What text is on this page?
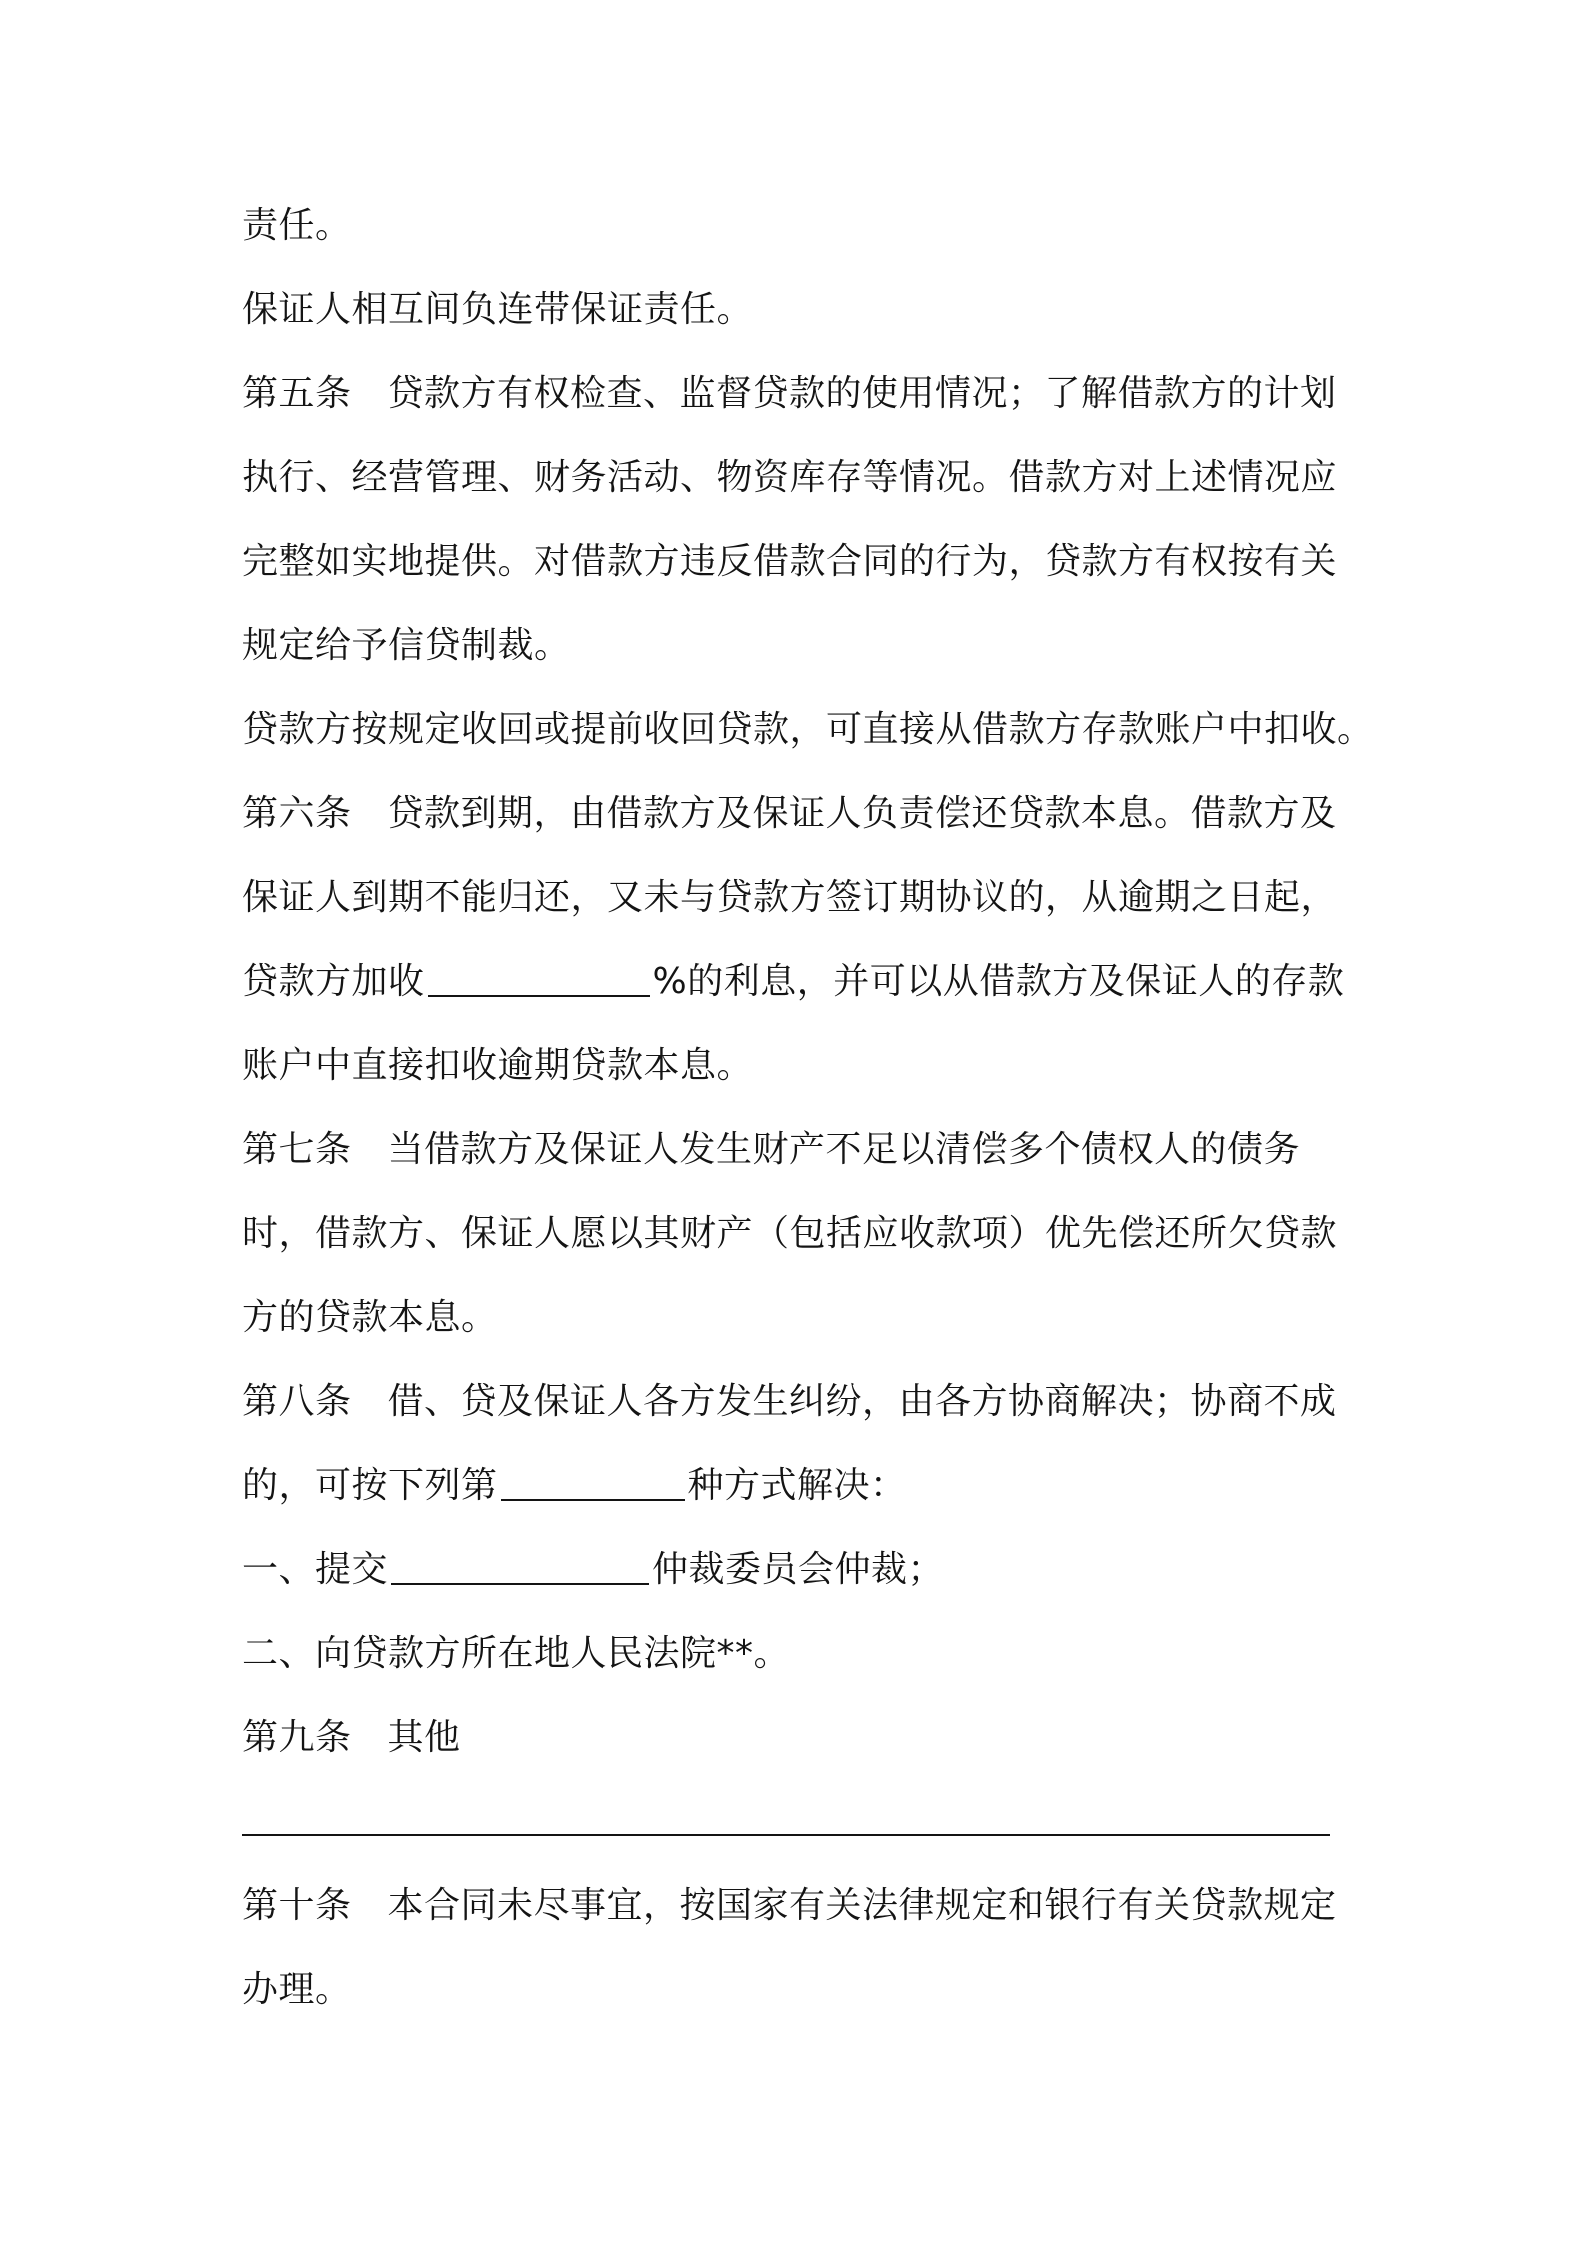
责任。
保证人相互间负连带保证责任。
第五条 贷款方有权检查、监督贷款的使用情况；了解借款方的计划
执行、经营管理、财务活动、物资库存等情况。借款方对上述情况应
完整如实地提供。对借款方违反借款合同的行为，贷款方有权按有关
规定给予信贷制裁。
贷款方按规定收回或提前收回贷款，可直接从借款方存款账户中扣收。
第六条 贷款到期，由借款方及保证人负责偿还贷款本息。借款方及
保证人到期不能归还，又未与贷款方签订期协议的，从逾期之日起，
贷款方加收	%的利息，并可以从借款方及保证人的存款
账户中直接扣收逾期贷款本息。
第七条 当借款方及保证人发生财产不足以清偿多个债权人的债务
时，借款方、保证人愿以其财产（包括应收款项）优先偿还所欠贷款
方的贷款本息。
第八条 借、贷及保证人各方发生纠纷，由各方协商解决；协商不成
的，可按下列第	种方式解决：
一、提交	仲裁委员会仲裁；
二、向贷款方所在地人民法院**。
第九条 其他
第十条 本合同未尽事宜，按国家有关法律规定和银行有关贷款规定
办理。
